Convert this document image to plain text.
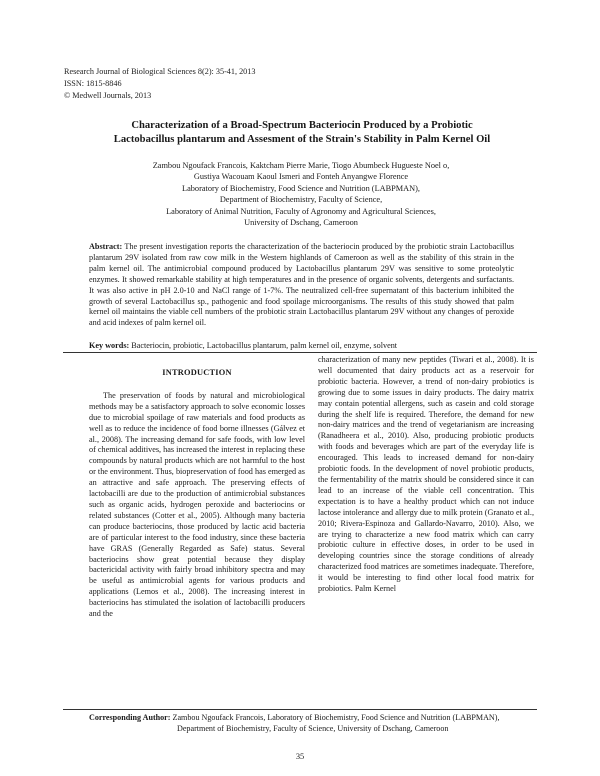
Research Journal of Biological Sciences 8(2): 35-41, 2013
ISSN: 1815-8846
© Medwell Journals, 2013
Characterization of a Broad-Spectrum Bacteriocin Produced by a Probiotic
Lactobacillus plantarum and Assesment of the Strain's Stability in Palm Kernel Oil
Zambou Ngoufack Francois, Kaktcham Pierre Marie, Tiogo Abumbeck Hugueste Noel o,
Gustiya Wacouam Kaoul Ismeri and Fonteh Anyangwe Florence
Laboratory of Biochemistry, Food Science and Nutrition (LABPMAN),
Department of Biochemistry, Faculty of Science,
Laboratory of Animal Nutrition, Faculty of Agronomy and Agricultural Sciences,
University of Dschang, Cameroon
Abstract: The present investigation reports the characterization of the bacteriocin produced by the probiotic strain Lactobacillus plantarum 29V isolated from raw cow milk in the Western highlands of Cameroon as well as the stability of this strain in the palm kernel oil. The antimicrobial compound produced by Lactobacillus plantarum 29V was sensitive to some proteolytic enzymes. It showed remarkable stability at high temperatures and in the presence of organic solvents, detergents and surfactants. It was also active in pH 2.0-10 and NaCl range of 1-7%. The neutralized cell-free supernatant of this bacterium inhibited the growth of several Lactobacillus sp., pathogenic and food spoilage microorganisms. The results of this study showed that palm kernel oil maintains the viable cell numbers of the probiotic strain Lactobacillus plantarum 29V without any changes of peroxide and acid indexes of palm kernel oil.
Key words: Bacteriocin, probiotic, Lactobacillus plantarum, palm kernel oil, enzyme, solvent
INTRODUCTION

The preservation of foods by natural and microbiological methods may be a satisfactory approach to solve economic losses due to microbial spoilage of raw materials and food products as well as to reduce the incidence of food borne illnesses (Gálvez et al., 2008). The increasing demand for safe foods, with low level of chemical additives, has increased the interest in replacing these compounds by natural products which are not harmful to the host or the environment. Thus, biopreservation of food has emerged as an attractive and safe approach. The preserving effects of lactobacilli are due to the production of antimicrobial substances such as organic acids, hydrogen peroxide and bacteriocins or related substances (Cotter et al., 2005). Although many bacteria can produce bacteriocins, those produced by lactic acid bacteria are of particular interest to the food industry, since these bacteria have GRAS (Generally Regarded as Safe) status. Several bacteriocins show great potential because they display bactericidal activity with fairly broad inhibitory spectra and may be useful as antimicrobial agents for various products and applications (Lemos et al., 2008). The increasing interest in bacteriocins has stimulated the isolation of lactobacilli producers and the

characterization of many new peptides (Tiwari et al., 2008). It is well documented that dairy products act as a reservoir for probiotic bacteria. However, a trend of non-dairy probiotics is growing due to some issues in dairy products. The dairy matrix may contain potential allergens, such as casein and cold storage during the shelf life is required. Therefore, the demand for new non-dairy matrices and the trend of vegetarianism are increasing (Ranadheera et al., 2010). Also, producing probiotic products with foods and beverages which are part of the everyday life is encouraged. This leads to increased demand for non-dairy probiotic foods. In the development of novel probiotic products, the fermentability of the matrix should be considered since it can lead to an increase of the viable cell concentration. This expectation is to have a healthy product which can not induce lactose intolerance and allergy due to milk protein (Granato et al., 2010; Rivera-Espinoza and Gallardo-Navarro, 2010). Also, we are trying to characterize a new food matrix which can carry probiotic culture in effective doses, in order to be used in developing countries since the storage conditions of already characterized food matrices are sometimes inadequate. Therefore, it would be interesting to find other local food matrix for probiotics. Palm Kernel

Corresponding Author: Zambou Ngoufack Francois, Laboratory of Biochemistry, Food Science and Nutrition (LABPMAN),
Department of Biochemistry, Faculty of Science, University of Dschang, Cameroon
35
